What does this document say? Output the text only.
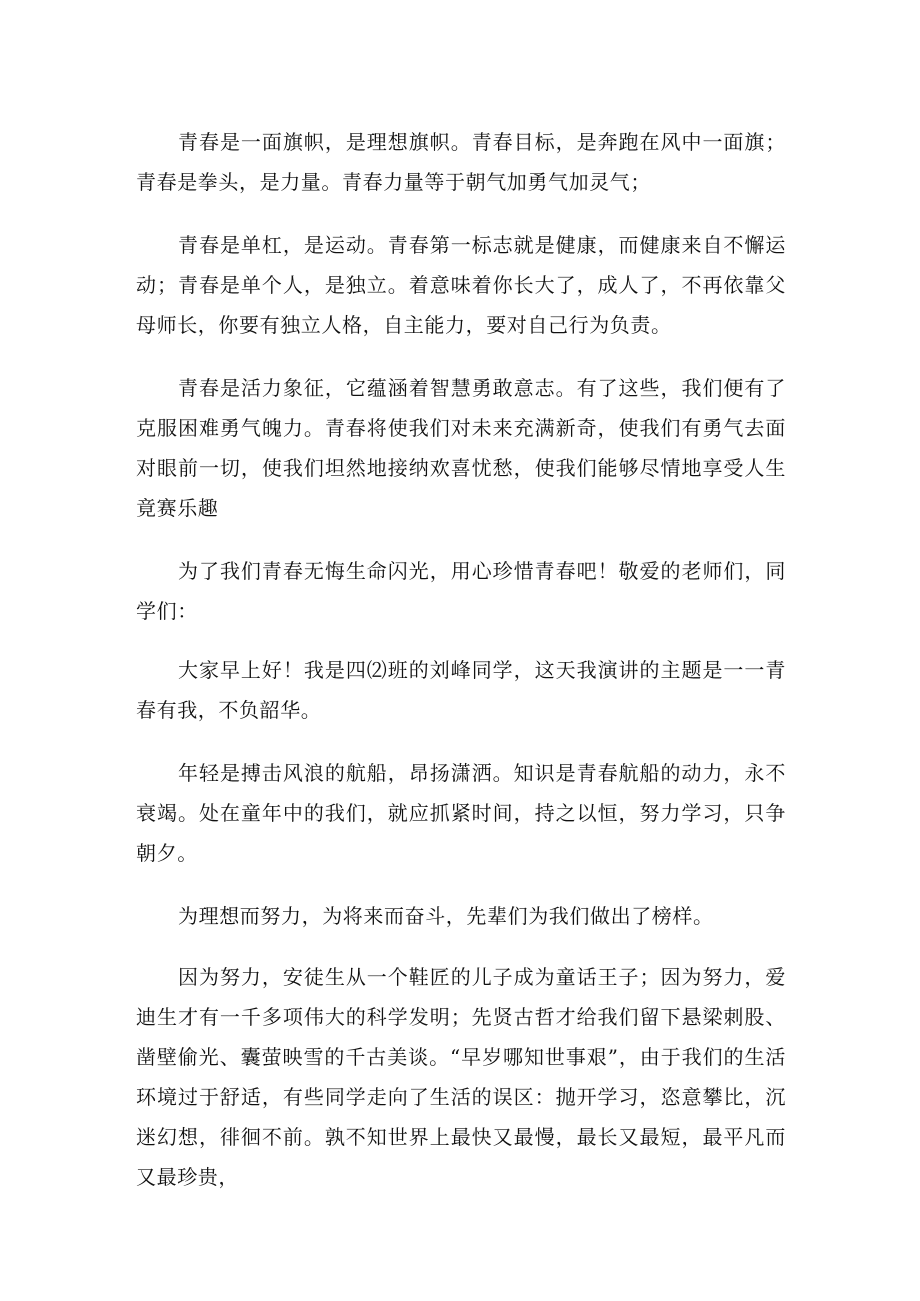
青春是一面旗帜，是理想旗帜。青春目标，是奔跑在风中一面旗；青春是拳头，是力量。青春力量等于朝气加勇气加灵气；

青春是单杠，是运动。青春第一标志就是健康，而健康来自不懈运动；青春是单个人，是独立。着意味着你长大了，成人了，不再依靠父母师长，你要有独立人格，自主能力，要对自己行为负责。

青春是活力象征，它蕴涵着智慧勇敢意志。有了这些，我们便有了克服困难勇气魄力。青春将使我们对未来充满新奇，使我们有勇气去面对眼前一切，使我们坦然地接纳欢喜忧愁，使我们能够尽情地享受人生竟赛乐趣

为了我们青春无悔生命闪光，用心珍惜青春吧！敬爱的老师们，同学们：

大家早上好！我是四⑵班的刘峰同学，这天我演讲的主题是一一青春有我，不负韶华。

年轻是搏击风浪的航船，昂扬潇洒。知识是青春航船的动力，永不衰竭。处在童年中的我们，就应抓紧时间，持之以恒，努力学习，只争朝夕。

为理想而努力，为将来而奋斗，先辈们为我们做出了榜样。

因为努力，安徒生从一个鞋匠的儿子成为童话王子；因为努力，爱迪生才有一千多项伟大的科学发明；先贤古哲才给我们留下悬梁刺股、凿壁偷光、囊萤映雪的千古美谈。“早岁哪知世事艰”，由于我们的生活环境过于舒适，有些同学走向了生活的误区：抛开学习，恣意攀比，沉迷幻想，徘徊不前。孰不知世界上最快又最慢，最长又最短，最平凡而又最珍贵，
